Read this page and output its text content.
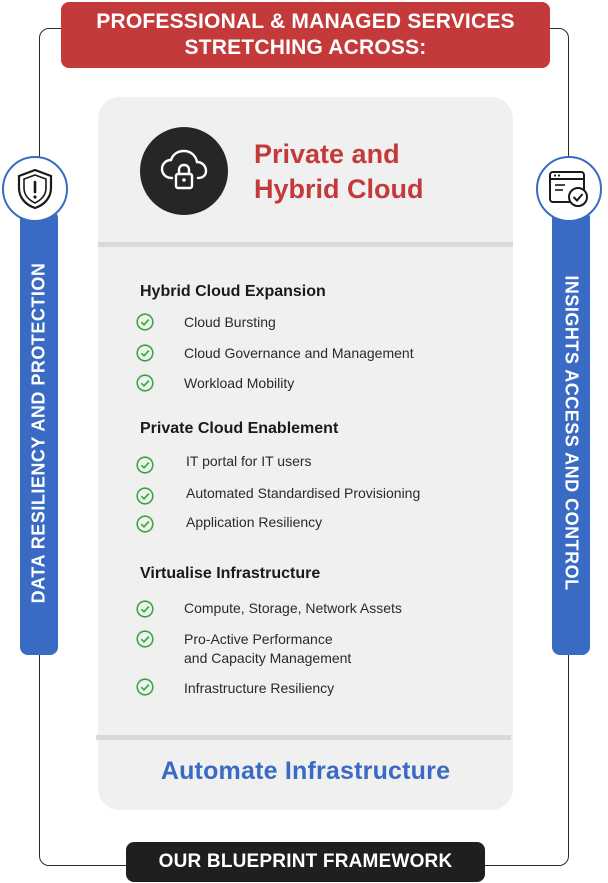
PROFESSIONAL & MANAGED SERVICES
STRETCHING ACROSS:
DATA RESILIENCY AND PROTECTION	INSIGHTS ACCESS AND CONTROL
Private and
Hybrid Cloud
Hybrid Cloud Expansion
Cloud Bursting
Cloud Governance and Management
Workload Mobility
Private Cloud Enablement
IT portal for IT users
Automated Standardised Provisioning
Application Resiliency
Virtualise Infrastructure
Compute, Storage, Network Assets
Pro-Active Performance
and Capacity Management
Infrastructure Resiliency
Automate Infrastructure
OUR BLUEPRINT FRAMEWORK
